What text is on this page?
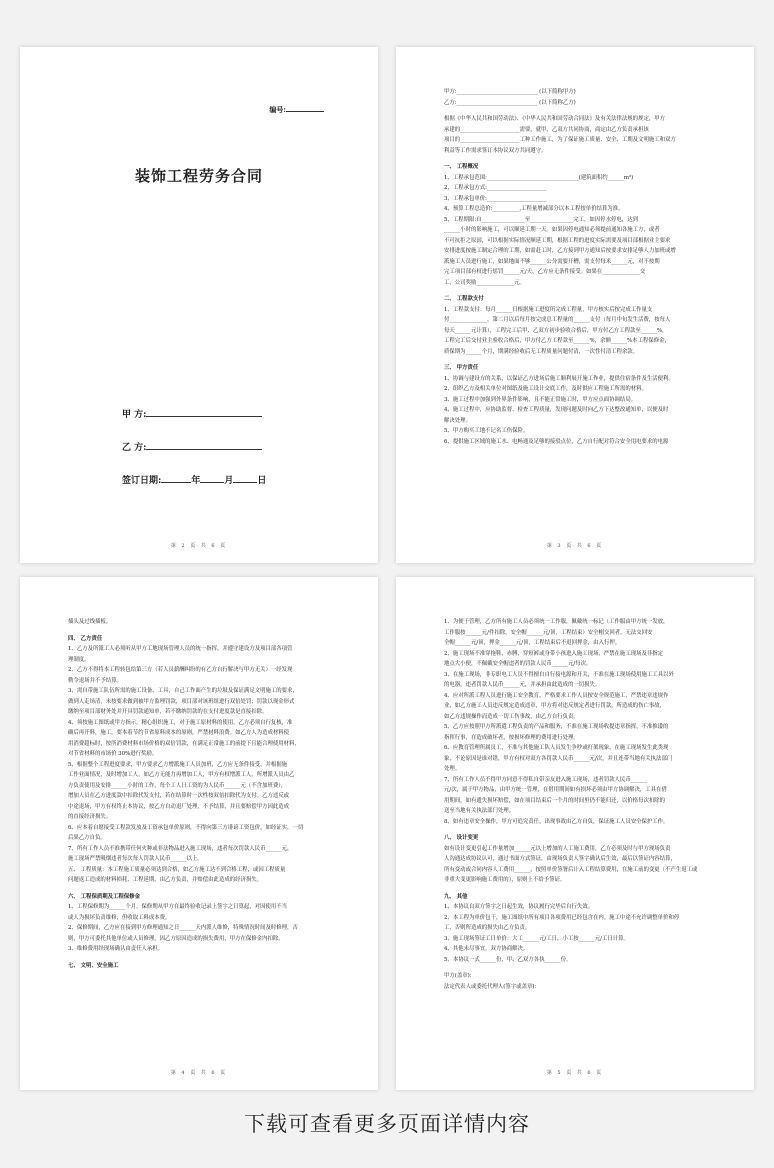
编号:
装饰工程劳务合同
甲 方:
乙 方:
签订日期:	年	月	日
第 2 页 共 6 页
甲方:______________________________ (以下简称甲方)
乙方:______________________________ (以下简称乙方)
根据《中华人民共和国劳动法》、《中华人民共和国劳动合同法》及有关法律法规的规定，甲方
承建的______________________需要，就甲、乙双方共同协商，商定由乙方负责承担该
项目的______________________工种工作施工，为了保证施工质量、安全、工期及文明施工和双方
利益等工作需求签订本协议双方共同遵守。
一、 工程概况
1、工程承包范围:__________________________________(建筑面积约______m²)
2、工程承包方式:______________________
3、工程承包单价:______________________
4、预算工程总造价:__________,工程量增减部分以本工程按单价结算为准。
5、工程期限:自________________至________________完工，如因停水停电，达到
______小时的影响施工，可以顺延工期一天。如果因停电通知必须提前通知各施工方，或者
不可抗拒之原因，可以根据实际情况顺延工期，根据工程的进度实际需要及项目部根据业主要求
安排进度按施工制定合理的工期，如需赶工时，乙方接到甲方通知后按要求安排足够人力加班或增
派施工人员进行施工，如果地面不够______公分需要开槽，需支付每米______元，对不按期
完工项目部有权进行惩罚______元/天，乙方应无条件接受。如果在______________交
工，公司奖励______________元。
二、 工程款支付
1、工程款支付：每月______日根据施工进度所完成工程量，甲方核实后按完成工作量支
付______________，第二月以后每月按完成总工程量的______支付（每月中旬发生活费，按每人
每天______元计算），工程完工后甲、乙双方初步验收合格后，甲方付乙方工程款至______%，
工程完工后交付业主验收合格后，甲方付乙方工程款至______%，余额______%本工程保修金，
质保期为______个月，期满经验收后无工程质量问题付清，一次性付清工程余款。
三、 甲方责任
1、协调与建设方的关系，以保证乙方进场后施工顺利展开施工作业，提供住宿条件及生活便利。
2、组织乙方及相关单位对图纸及施工设计交底工作，及时供应工程施工所需的材料。
3、施工过程中加强到外界条件影响，且不能正常施工时，甲方应点面协调结局。
4、施工过程中，应协助监督、检查工程质量，发现问题及时向乙方下达整改通知单，以便及时
解决处理。
5、甲方购买工地不记名工伤保险。
6、提供施工区域的施工水、电畅通及足够的接驳点位，乙方自行配对符合安全用电要求的电源
第 3 页 共 6 页
插头及过线插板。
四、 乙方责任
1、乙方及所派工人必须听从甲方工地现场管理人员的统一指挥，并遵守建设方及项目部各项管
理制度。
2、乙方不得将本工程转包给第三方（若人员薪酬纠纷的有乙方自行解决与甲方无关）一经发现
勒令退场并不予结算。
3、需自带施工队伍所需的施工设备、工具，自己工作面产生的垃圾及保证满足文明施工的要求，
做到人走场清，未按要求做到被甲方监理罚款，项目部对该班组进行双倍处罚；罚款以现金形式
缴纳至项目部财务处并开具罚款通知单，若不缴纳罚款的在支付进度款是直接扣除。
4、须按施工图纸或甲方指示，精心组织施工，对于施工原材料的使用，乙方必须自行复核，准
确后再开料，施工，要本着节约节省原料成本的原则，严禁材料浪费。如乙方人为造成材料使
用消费超标时，按所消费材料市场价格的双倍罚款，在满足正常施工的前提下且能合理使用材料，
对节省材料的市场价 30%进行奖励。
5、根据整个工程进度要求，甲方要求乙方增派施工人员加班，乙方应无条件接受，并根据施
工作业面情况，及时增加工人，如乙方无能力再增加工人，甲方有权增派工人，所增派人员由乙
方负责使用及安排______小时的工作，每个工人日工资的为人民币______元（不含加班费），
增加人员在乙方进度款中扣除代发支付，若在结算时一次性按双倍扣除代为支付。乙方违反或
中途退场，甲方有权终止本协议，按乙方自动退厂处理，不予结算，并且要赔偿甲方因此造成
的直接经济损失。
6、应本着自愿接受工程款发放及工资承包单价原则，不得向第三方诽谤工资包价，如经证实，一切
后果乙方自负。
7、所有工作人员不准携带任何火种或非法物品进入施工现场，违者每次罚款人民币______元，
施工现场严禁吸烟违者每次每人罚款人民币______以上。
五、 工程质量：本工程施工质量必须达到合格，如乙方施工达不到合格工程，或因工程质量
问题返工造成的材料损耗、工程延期，由乙方负责，并赔偿由此造成的经济损失。
六、 工程保质期及工程保修金
1、工程保修期为______个月，保修期从甲方在最终验收记录上签字之日算起，对因使用不当
或人为损坏负责维修，但收取工料成本费。
2、保修期间，乙方应在接到甲方修理通知之日______天内派人维修，特殊情况时间及时修理，否
则，甲方可委托其他单位或人员修理，因乙方原因造成的损失费用，甲方在保修金内扣除。
3、维修费用经现场确认由责任人承担。
七、 文明、安全施工
第 4 页 共 6 页
1、为便于管理，乙方所有施工人员必须统一工作服，佩戴统一标记（工作服由甲方统一发放，
工作服按______元/件扣除，安全帽______元/顶，工程结束）安全帽交回者，无法交回安
全帽______元/顶，押金______元/顶，工程结束后不退回押金，由入行押。
2、施工现场不准穿拖鞋、赤膊，穿短裤或身带小孩进入施工现场，严禁在施工现场及非指定
地点大小便，不佩戴安全帽违者的罚款人民币______元/每次。
3、在施工现场，非专职电工人员不得擅自自行接电源和开关，不准在施工现场使用施工工具以外
的电器，违者罚款人民币______元，并承担由此造成的一切损失。
4、应对所派工程人员进行施工安全教育，严格要求工作人员按安全规范施工，严禁违章违规作
业，如乙方施工人员违反规定造成违章，甲方将对违反规定者进行罚款，所造成的伤亡事故，
如乙方违规操作而造成一切工伤事故，由乙方自行负责。
5、乙方应按照甲方所派遣工程负责的产品和服务，不准在施工现场收提违章指挥，不准推诿的
指挥行事，在造成破坏者，按损坏修理的费用进行处理。
6、应教育管理所属员工，不准与其他施工队人员发生争吵或打架现象，在施工现场发生此类现
象，不论原因是谁对错，甲方有权对双方各罚款人民币______元/次，并且连带当地有关执法部门
处理。
7、所有工作人员不得甲方同意不得私自带亲友进入施工现场，违者罚款人民币______
元/次，属于甲方物品，由甲方统一管理，在借用期间如有损坏必须由甲方协调解决，工具在借
用期间，如有遗失损坏赔偿，如在项目结束后一个月的时间里仍不能归还，以价格每次扣除的
送至当地有关执法部门处理。
8、如有违章安全操作，甲方可追究责任，出现事故由乙方自负，保证施工人员安全保护工作。
八、 设计变更
如有设计变更引起工作量增加______元以上增加的人工施工费用，乙方必须及时与甲方现场负责
人沟通达成协议认可，通过书面方式签证，由现场负责人签字确认后生效，最后以签证内容结算，
所有变动或合同内容人工费用______，按照单价签署后计入工程结算费用，在施工前的变更（不产生返工或
非重大变更影响施工费用的），原则上不给予签证。
九、 其他
1、本协议自双方签字之日起生效，协议履行完毕后自行失效。
2、本工程为单价包干，施工图纸中所有项目各项费用已经包含在内。施工中途不允许调整单价和停
工，否则所造成的损失由乙方负责。
3、施工现场签证工日单价：大工______元/工日，小工按______元/工日计算。
4、其他未尽事宜，双方协商解决。
5、本协议一式______份，甲、乙双方各执______份。
甲方(盖章):
法定代表人或委托代理人(签字或盖章):
第 5 页 共 6 页
下载可查看更多页面详情内容
